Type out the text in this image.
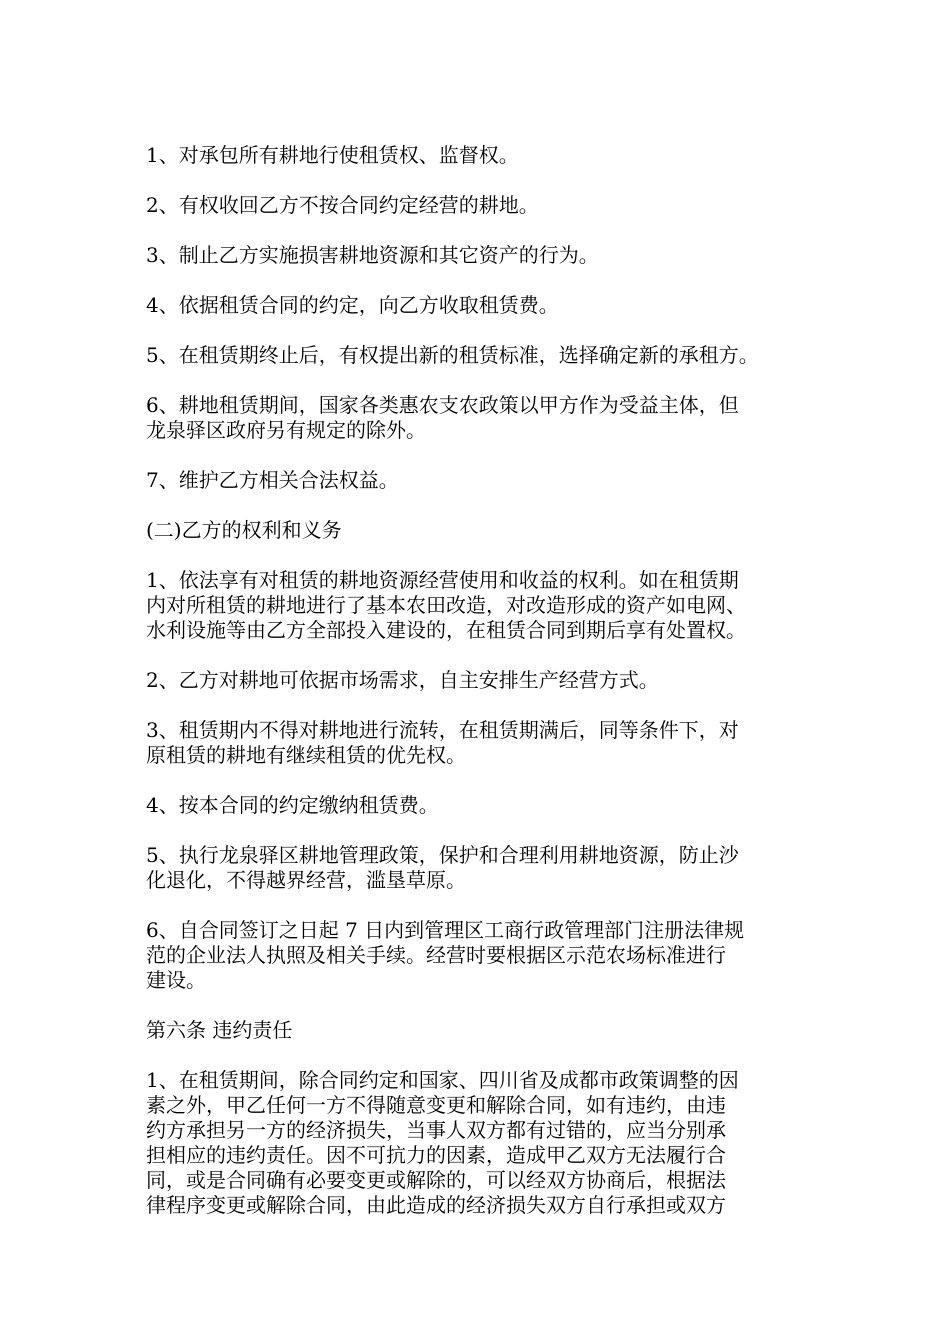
1、对承包所有耕地行使租赁权、监督权。

2、有权收回乙方不按合同约定经营的耕地。

3、制止乙方实施损害耕地资源和其它资产的行为。

4、依据租赁合同的约定，向乙方收取租赁费。

5、在租赁期终止后，有权提出新的租赁标准，选择确定新的承租方。

6、耕地租赁期间，国家各类惠农支农政策以甲方作为受益主体，但
龙泉驿区政府另有规定的除外。

7、维护乙方相关合法权益。

(二)乙方的权利和义务

1、依法享有对租赁的耕地资源经营使用和收益的权利。如在租赁期
内对所租赁的耕地进行了基本农田改造，对改造形成的资产如电网、
水利设施等由乙方全部投入建设的，在租赁合同到期后享有处置权。

2、乙方对耕地可依据市场需求，自主安排生产经营方式。

3、租赁期内不得对耕地进行流转，在租赁期满后，同等条件下，对
原租赁的耕地有继续租赁的优先权。

4、按本合同的约定缴纳租赁费。

5、执行龙泉驿区耕地管理政策，保护和合理利用耕地资源，防止沙
化退化，不得越界经营，滥垦草原。

6、自合同签订之日起 7 日内到管理区工商行政管理部门注册法律规
范的企业法人执照及相关手续。经营时要根据区示范农场标准进行
建设。

第六条 违约责任

1、在租赁期间，除合同约定和国家、四川省及成都市政策调整的因
素之外，甲乙任何一方不得随意变更和解除合同，如有违约，由违
约方承担另一方的经济损失，当事人双方都有过错的，应当分别承
担相应的违约责任。因不可抗力的因素，造成甲乙双方无法履行合
同，或是合同确有必要变更或解除的，可以经双方协商后，根据法
律程序变更或解除合同，由此造成的经济损失双方自行承担或双方
